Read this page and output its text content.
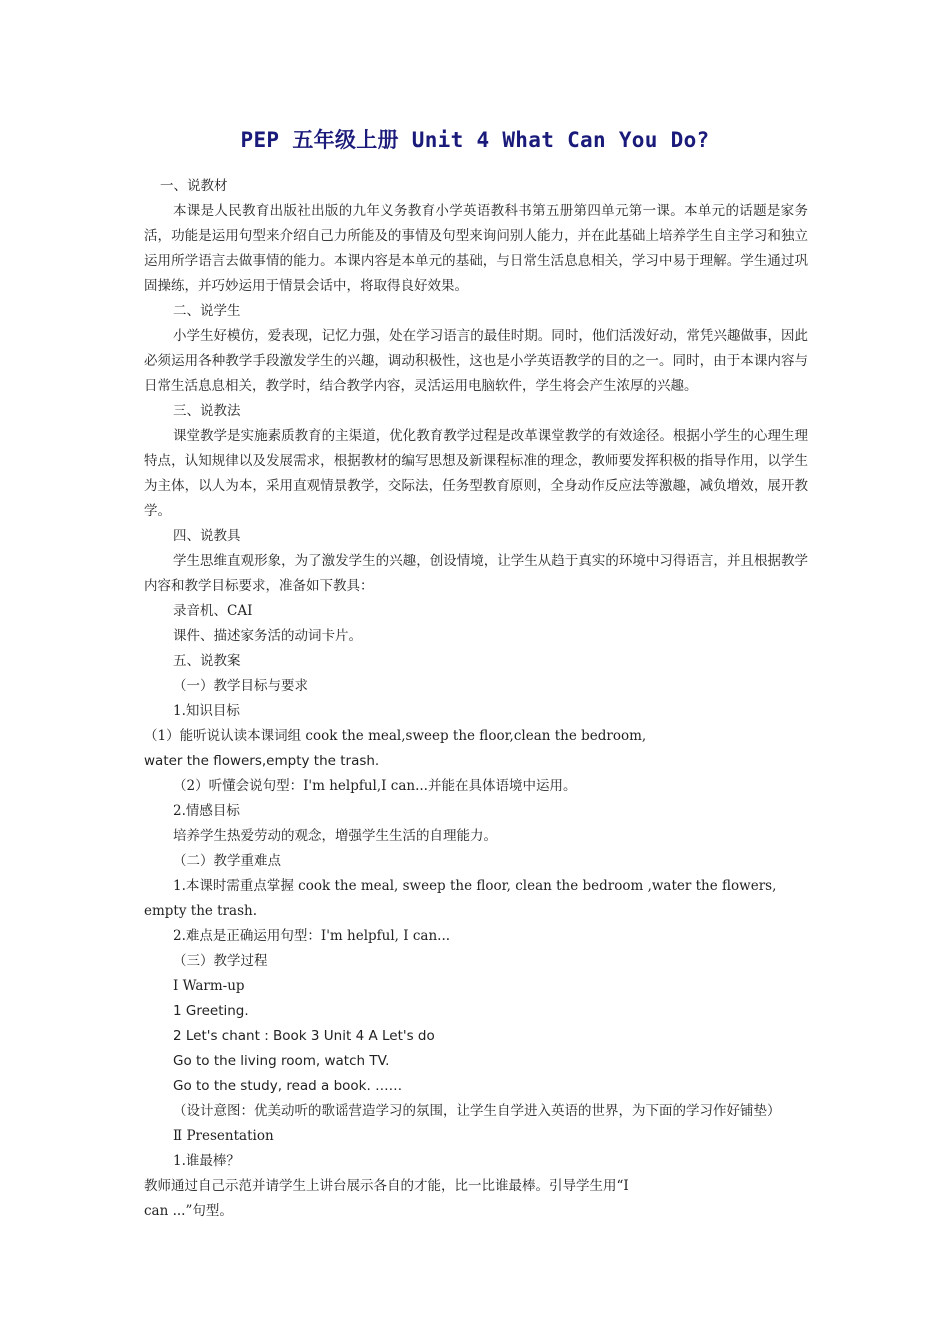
PEP 五年级上册 Unit 4 What Can You Do?

一、说教材

本课是人民教育出版社出版的九年义务教育小学英语教科书第五册第四单元第一课。本单元的话题是家务活，功能是运用句型来介绍自己力所能及的事情及句型来询问别人能力，并在此基础上培养学生自主学习和独立运用所学语言去做事情的能力。本课内容是本单元的基础，与日常生活息息相关，学习中易于理解。学生通过巩固操练，并巧妙运用于情景会话中，将取得良好效果。

二、说学生

小学生好模仿，爱表现，记忆力强，处在学习语言的最佳时期。同时，他们活泼好动，常凭兴趣做事，因此必须运用各种教学手段激发学生的兴趣，调动积极性，这也是小学英语教学的目的之一。同时，由于本课内容与日常生活息息相关，教学时，结合教学内容，灵活运用电脑软件，学生将会产生浓厚的兴趣。

三、说教法

课堂教学是实施素质教育的主渠道，优化教育教学过程是改革课堂教学的有效途径。根据小学生的心理生理特点，认知规律以及发展需求，根据教材的编写思想及新课程标准的理念，教师要发挥积极的指导作用，以学生为主体，以人为本，采用直观情景教学，交际法，任务型教育原则，全身动作反应法等激趣，减负增效，展开教学。

四、说教具

学生思维直观形象，为了激发学生的兴趣，创设情境，让学生从趋于真实的环境中习得语言，并且根据教学内容和教学目标要求，准备如下教具：

录音机、CAI

课件、描述家务活的动词卡片。

五、说教案

（一）教学目标与要求

1.知识目标

（1）能听说认读本课词组 cook the meal,sweep the floor,clean the bedroom,

water the flowers,empty the trash.

（2）听懂会说句型：I'm helpful,I can...并能在具体语境中运用。

2.情感目标

培养学生热爱劳动的观念，增强学生生活的自理能力。

（二）教学重难点

1.本课时需重点掌握 cook the meal, sweep the floor, clean the bedroom ,water the flowers, empty the trash.

2.难点是正确运用句型：I'm helpful, I can...

（三）教学过程

Ⅰ Warm-up

1 Greeting.

2 Let's chant : Book 3 Unit 4 A Let's do

Go to the living room, watch TV.

Go to the study, read a book. ……

（设计意图：优美动听的歌谣营造学习的氛围，让学生自学进入英语的世界，为下面的学习作好铺垫）

Ⅱ Presentation

1.谁最棒？

教师通过自己示范并请学生上讲台展示各自的才能，比一比谁最棒。引导学生用“I

can ...”句型。
